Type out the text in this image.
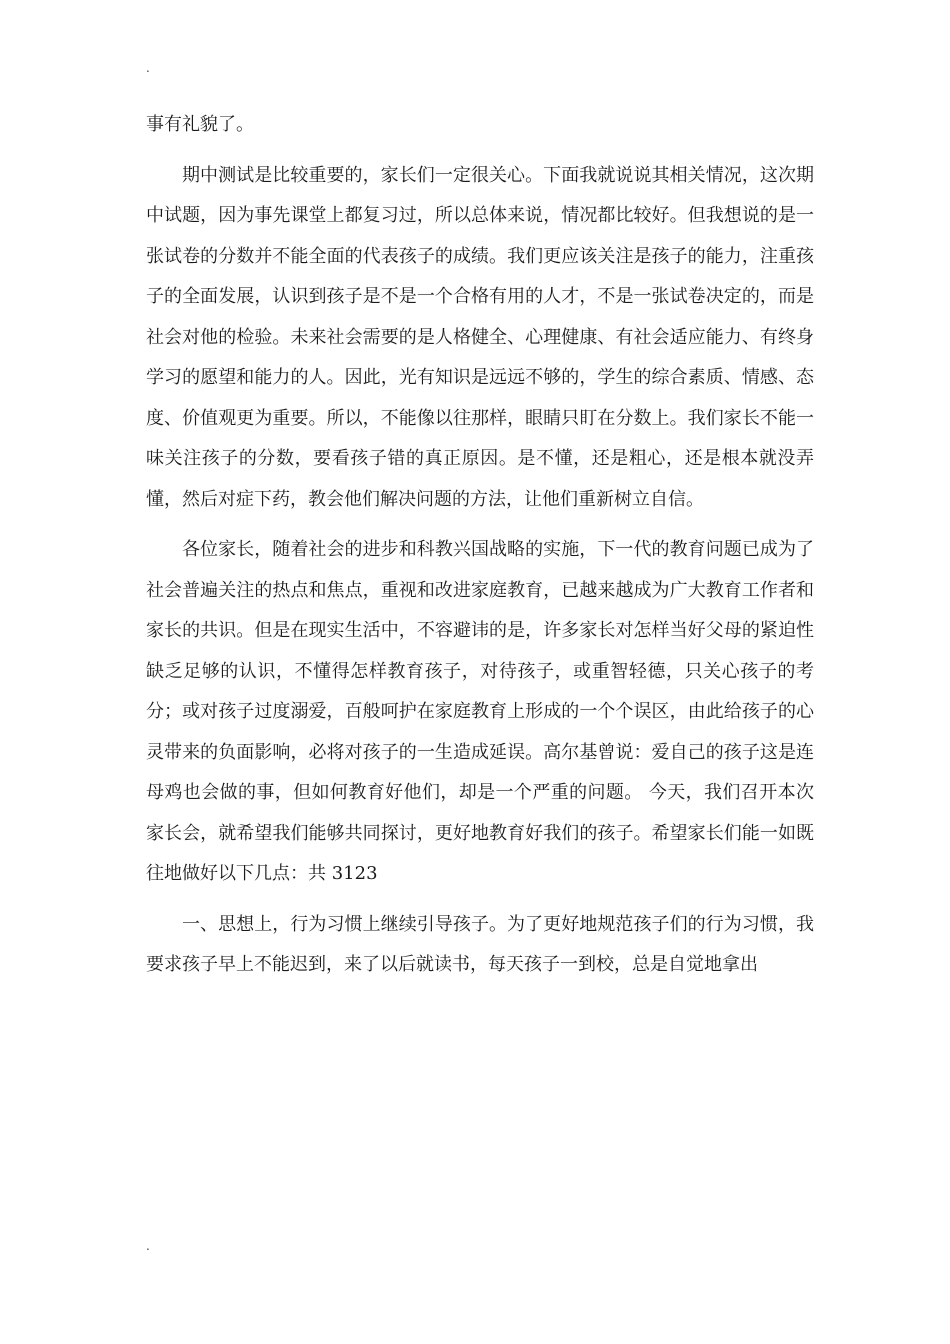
.

事有礼貌了。

期中测试是比较重要的，家长们一定很关心。下面我就说说其相关情况，这次期中试题，因为事先课堂上都复习过，所以总体来说，情况都比较好。但我想说的是一张试卷的分数并不能全面的代表孩子的成绩。我们更应该关注是孩子的能力，注重孩子的全面发展，认识到孩子是不是一个合格有用的人才，不是一张试卷决定的，而是社会对他的检验。未来社会需要的是人格健全、心理健康、有社会适应能力、有终身学习的愿望和能力的人。因此，光有知识是远远不够的，学生的综合素质、情感、态度、价值观更为重要。所以，不能像以往那样，眼睛只盯在分数上。我们家长不能一味关注孩子的分数，要看孩子错的真正原因。是不懂，还是粗心，还是根本就没弄懂，然后对症下药，教会他们解决问题的方法，让他们重新树立自信。

各位家长，随着社会的进步和科教兴国战略的实施，下一代的教育问题已成为了社会普遍关注的热点和焦点，重视和改进家庭教育，已越来越成为广大教育工作者和家长的共识。但是在现实生活中，不容避讳的是，许多家长对怎样当好父母的紧迫性缺乏足够的认识，不懂得怎样教育孩子，对待孩子，或重智轻德，只关心孩子的考分；或对孩子过度溺爱，百般呵护在家庭教育上形成的一个个误区，由此给孩子的心灵带来的负面影响，必将对孩子的一生造成延误。高尔基曾说：爱自己的孩子这是连母鸡也会做的事，但如何教育好他们，却是一个严重的问题。 今天，我们召开本次家长会，就希望我们能够共同探讨，更好地教育好我们的孩子。希望家长们能一如既往地做好以下几点：共 3123

一、思想上，行为习惯上继续引导孩子。为了更好地规范孩子们的行为习惯，我要求孩子早上不能迟到，来了以后就读书，每天孩子一到校，总是自觉地拿出

.
